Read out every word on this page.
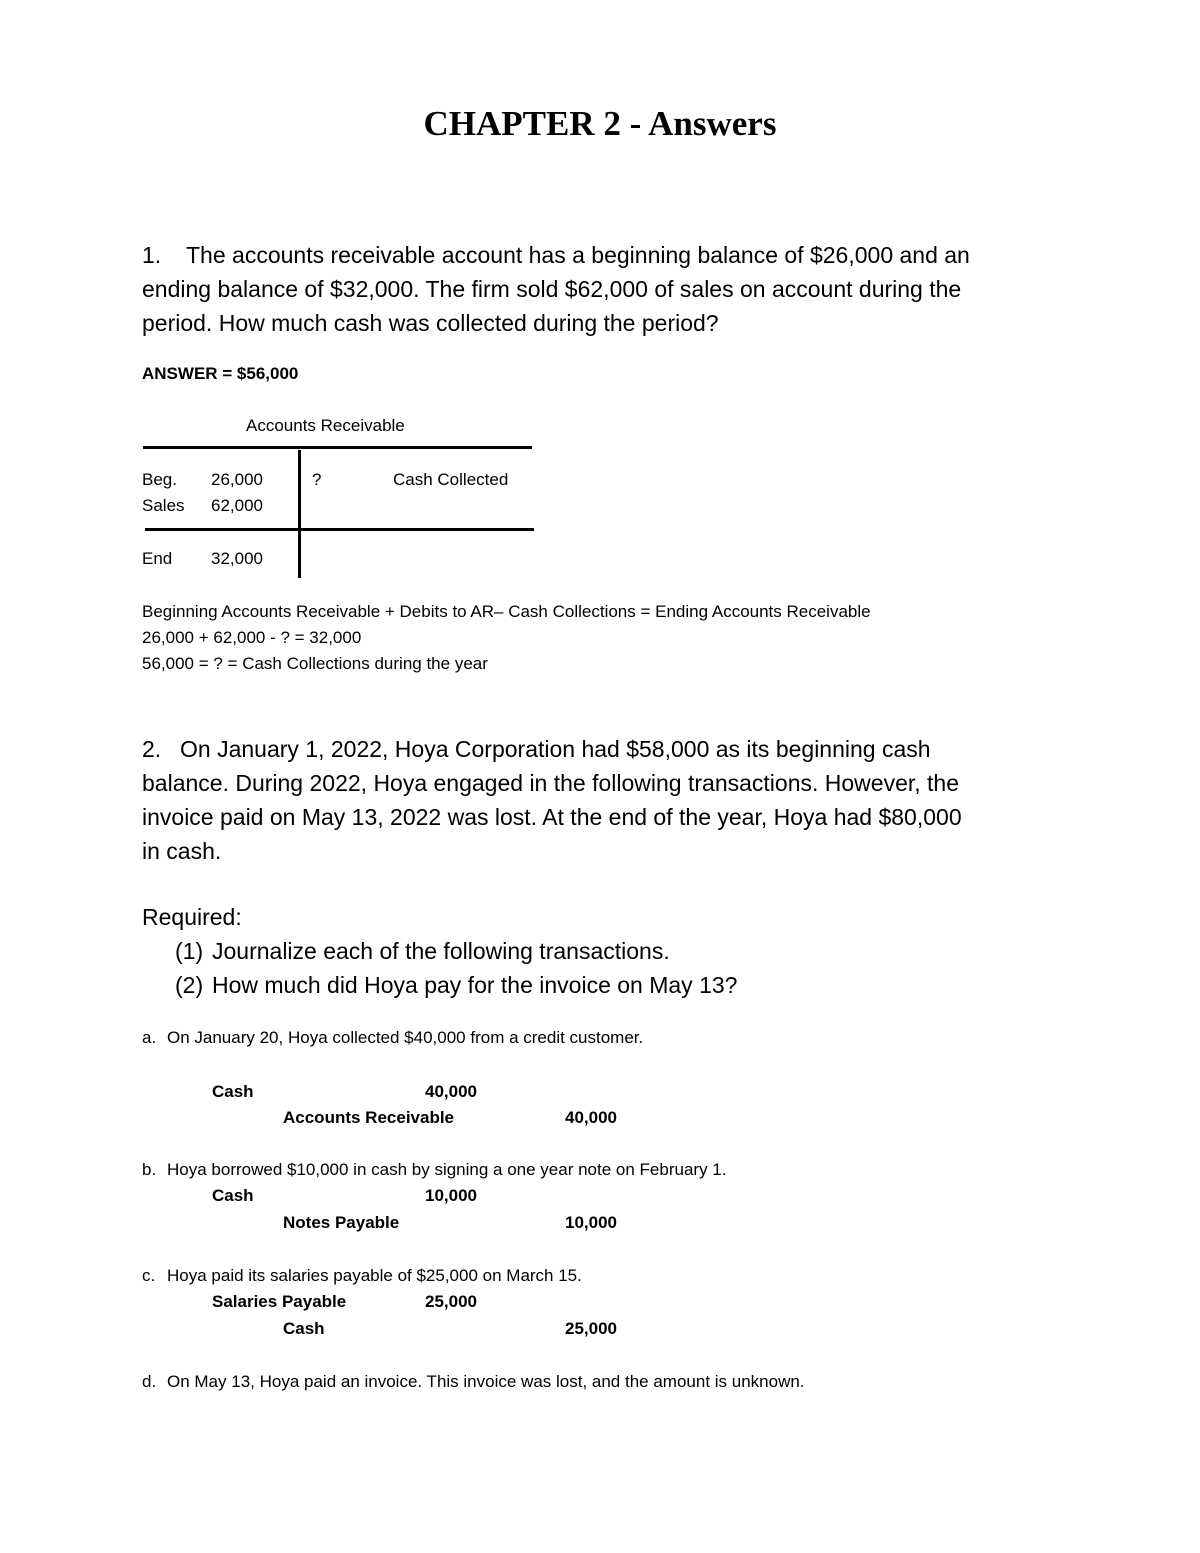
CHAPTER 2 - Answers
1. The accounts receivable account has a beginning balance of $26,000 and an
ending balance of $32,000. The firm sold $62,000 of sales on account during the
period. How much cash was collected during the period?
ANSWER = $56,000
Accounts Receivable
Beg. 26,000
Sales 62,000
?	Cash Collected
End 32,000
Beginning Accounts Receivable + Debits to AR– Cash Collections = Ending Accounts Receivable
26,000 + 62,000 - ? = 32,000
56,000 = ? = Cash Collections during the year
2. On January 1, 2022, Hoya Corporation had $58,000 as its beginning cash
balance. During 2022, Hoya engaged in the following transactions. However, the
invoice paid on May 13, 2022 was lost. At the end of the year, Hoya had $80,000
in cash.
Required:
(1) Journalize each of the following transactions.
(2) How much did Hoya pay for the invoice on May 13?
a. On January 20, Hoya collected $40,000 from a credit customer.
Cash	40,000
Accounts Receivable	40,000
b. Hoya borrowed $10,000 in cash by signing a one year note on February 1.
Cash	10,000
Notes Payable	10,000
c. Hoya paid its salaries payable of $25,000 on March 15.
Salaries Payable	25,000
Cash	25,000
d. On May 13, Hoya paid an invoice. This invoice was lost, and the amount is unknown.
